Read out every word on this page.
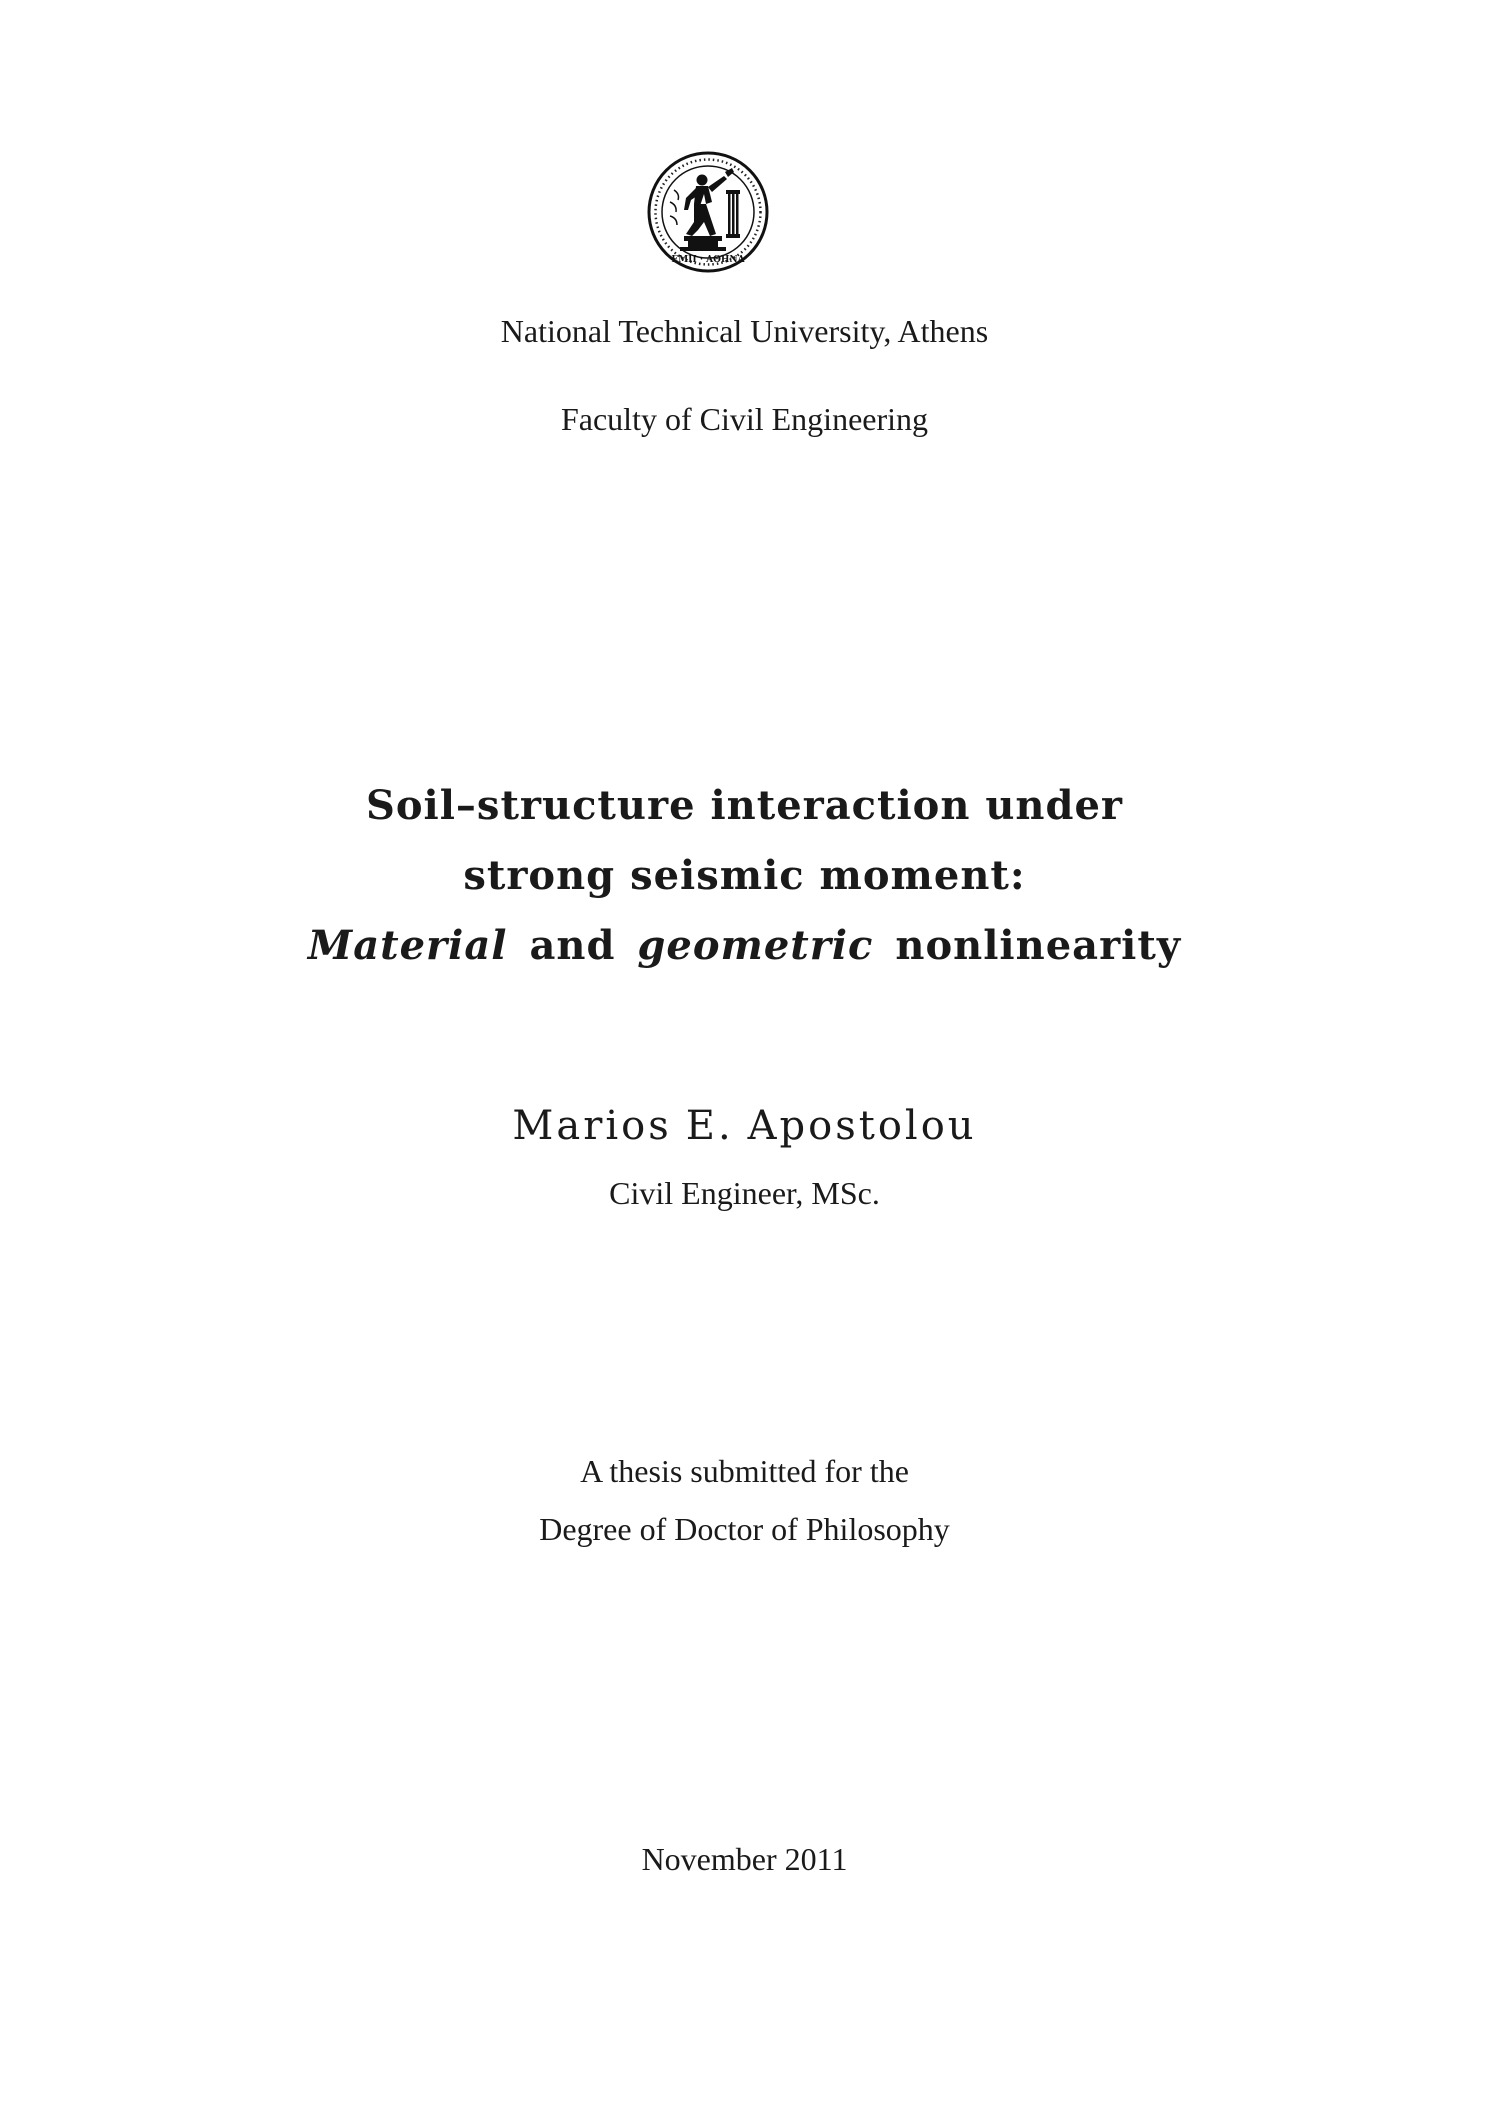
ΕΜΠ · ΑΘΗΝΑ
National Technical University, Athens
Faculty of Civil Engineering
Soil–structure interaction under
strong seismic moment:
Material and geometric nonlinearity
Marios E. Apostolou
Civil Engineer, MSc.
A thesis submitted for the
Degree of Doctor of Philosophy
November 2011
